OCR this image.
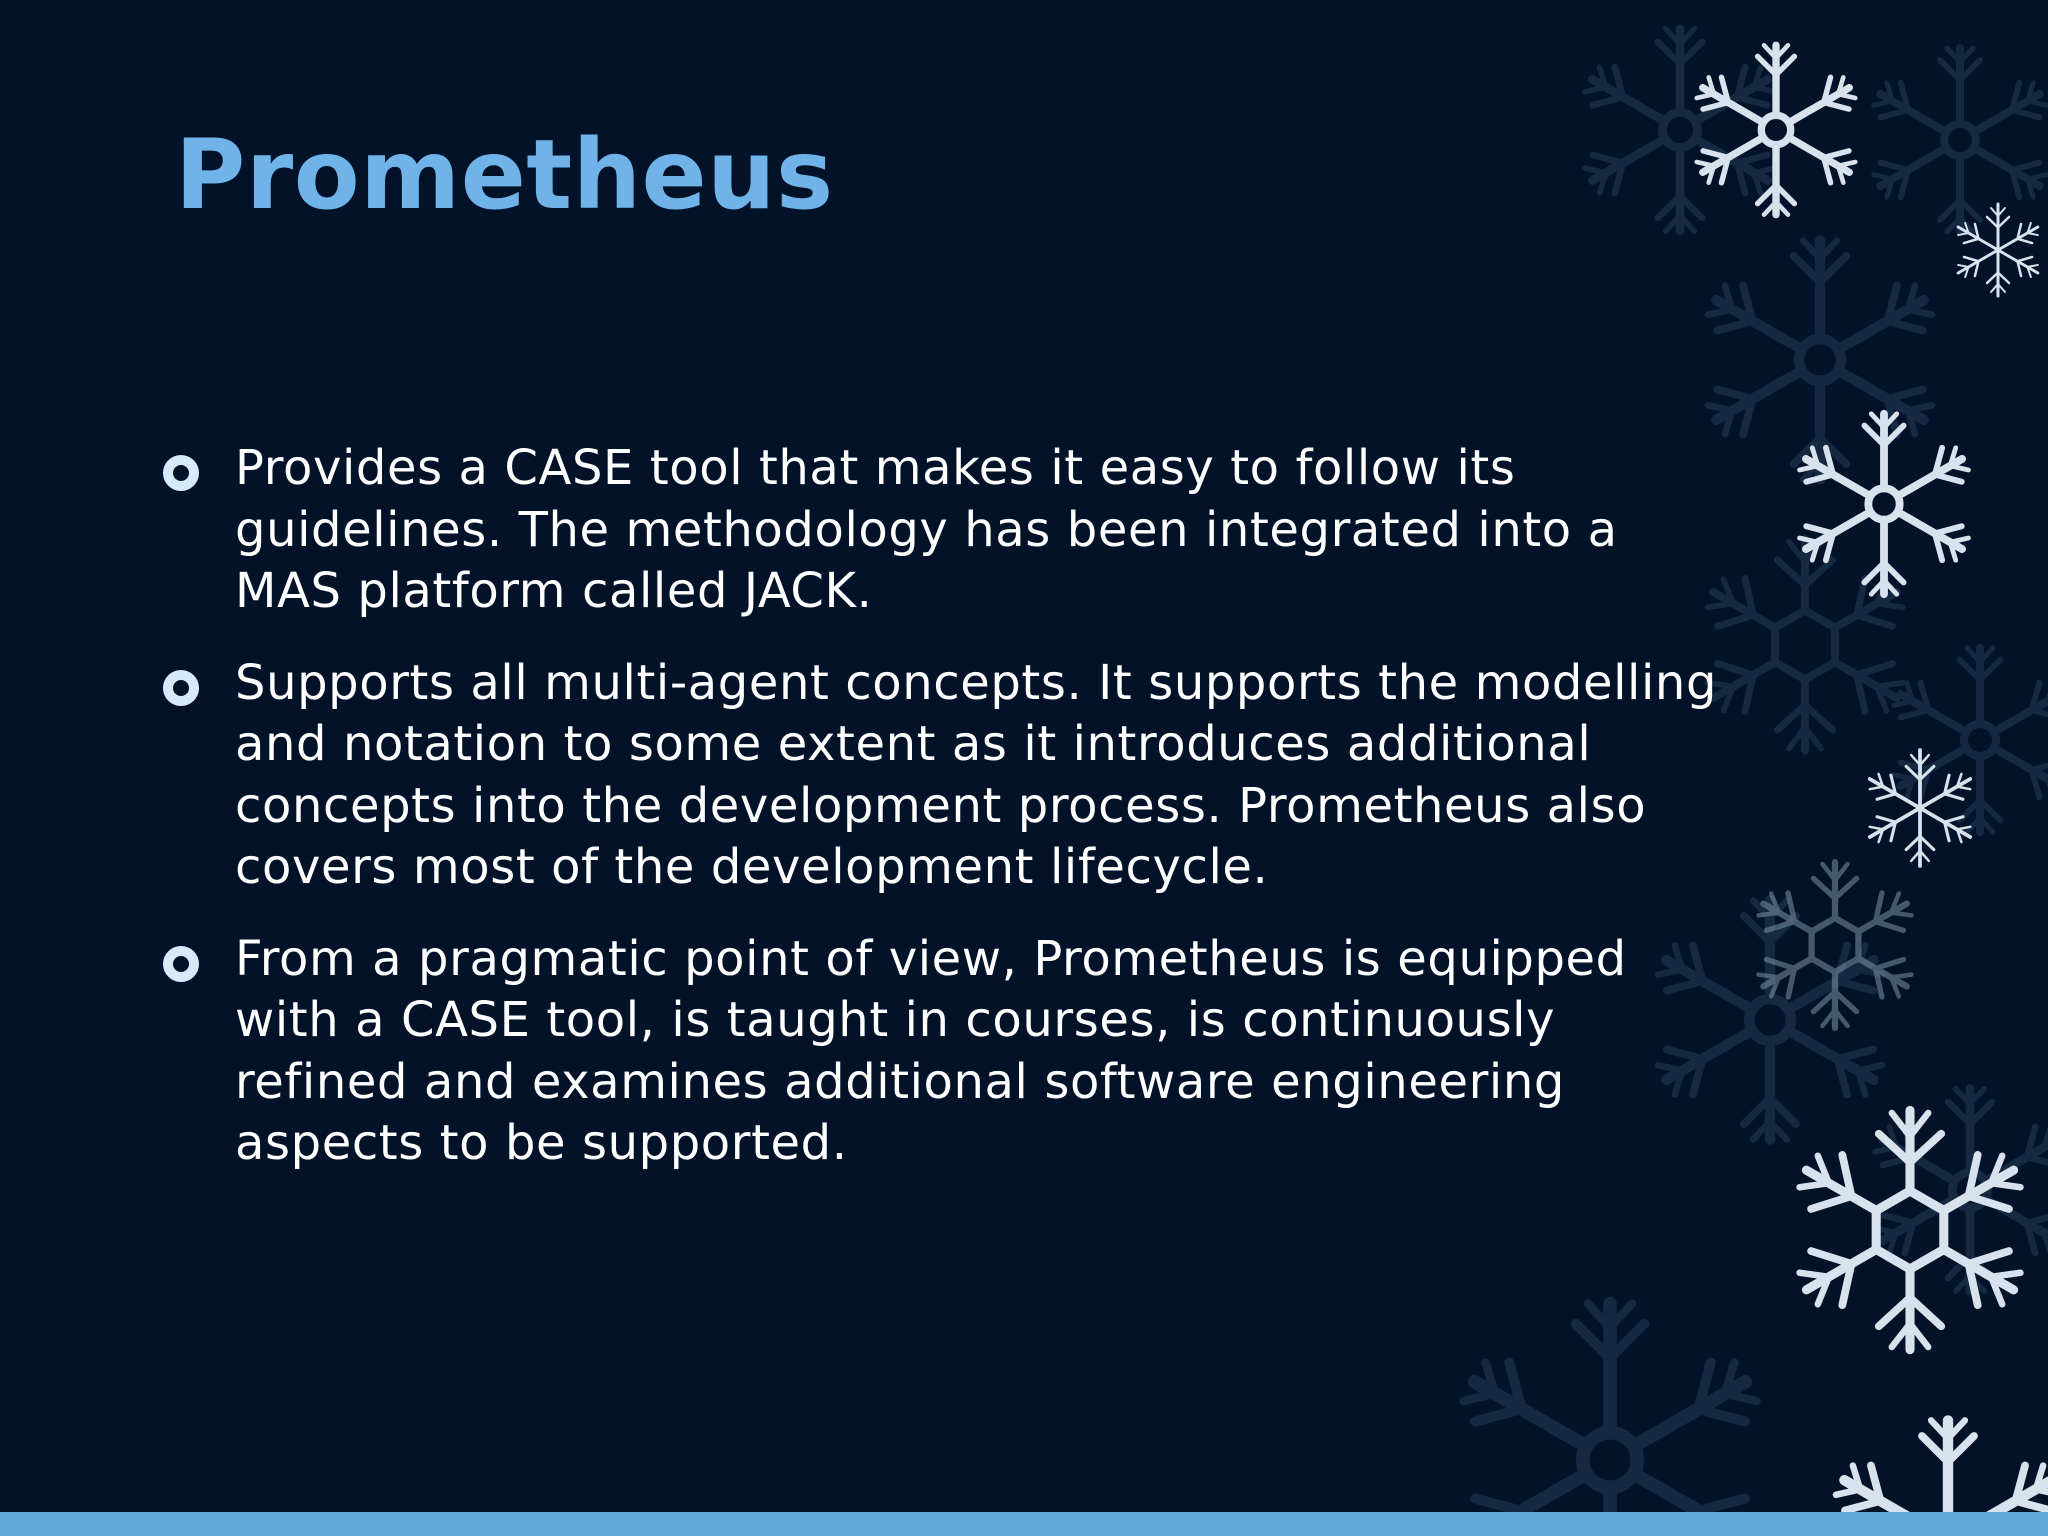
Prometheus
Provides a CASE tool that makes it easy to follow its
guidelines. The methodology has been integrated into a
MAS platform called JACK.
Supports all multi-agent concepts. It supports the modelling
and notation to some extent as it introduces additional
concepts into the development process. Prometheus also
covers most of the development lifecycle.
From a pragmatic point of view, Prometheus is equipped
with a CASE tool, is taught in courses, is continuously
refined and examines additional software engineering
aspects to be supported.
